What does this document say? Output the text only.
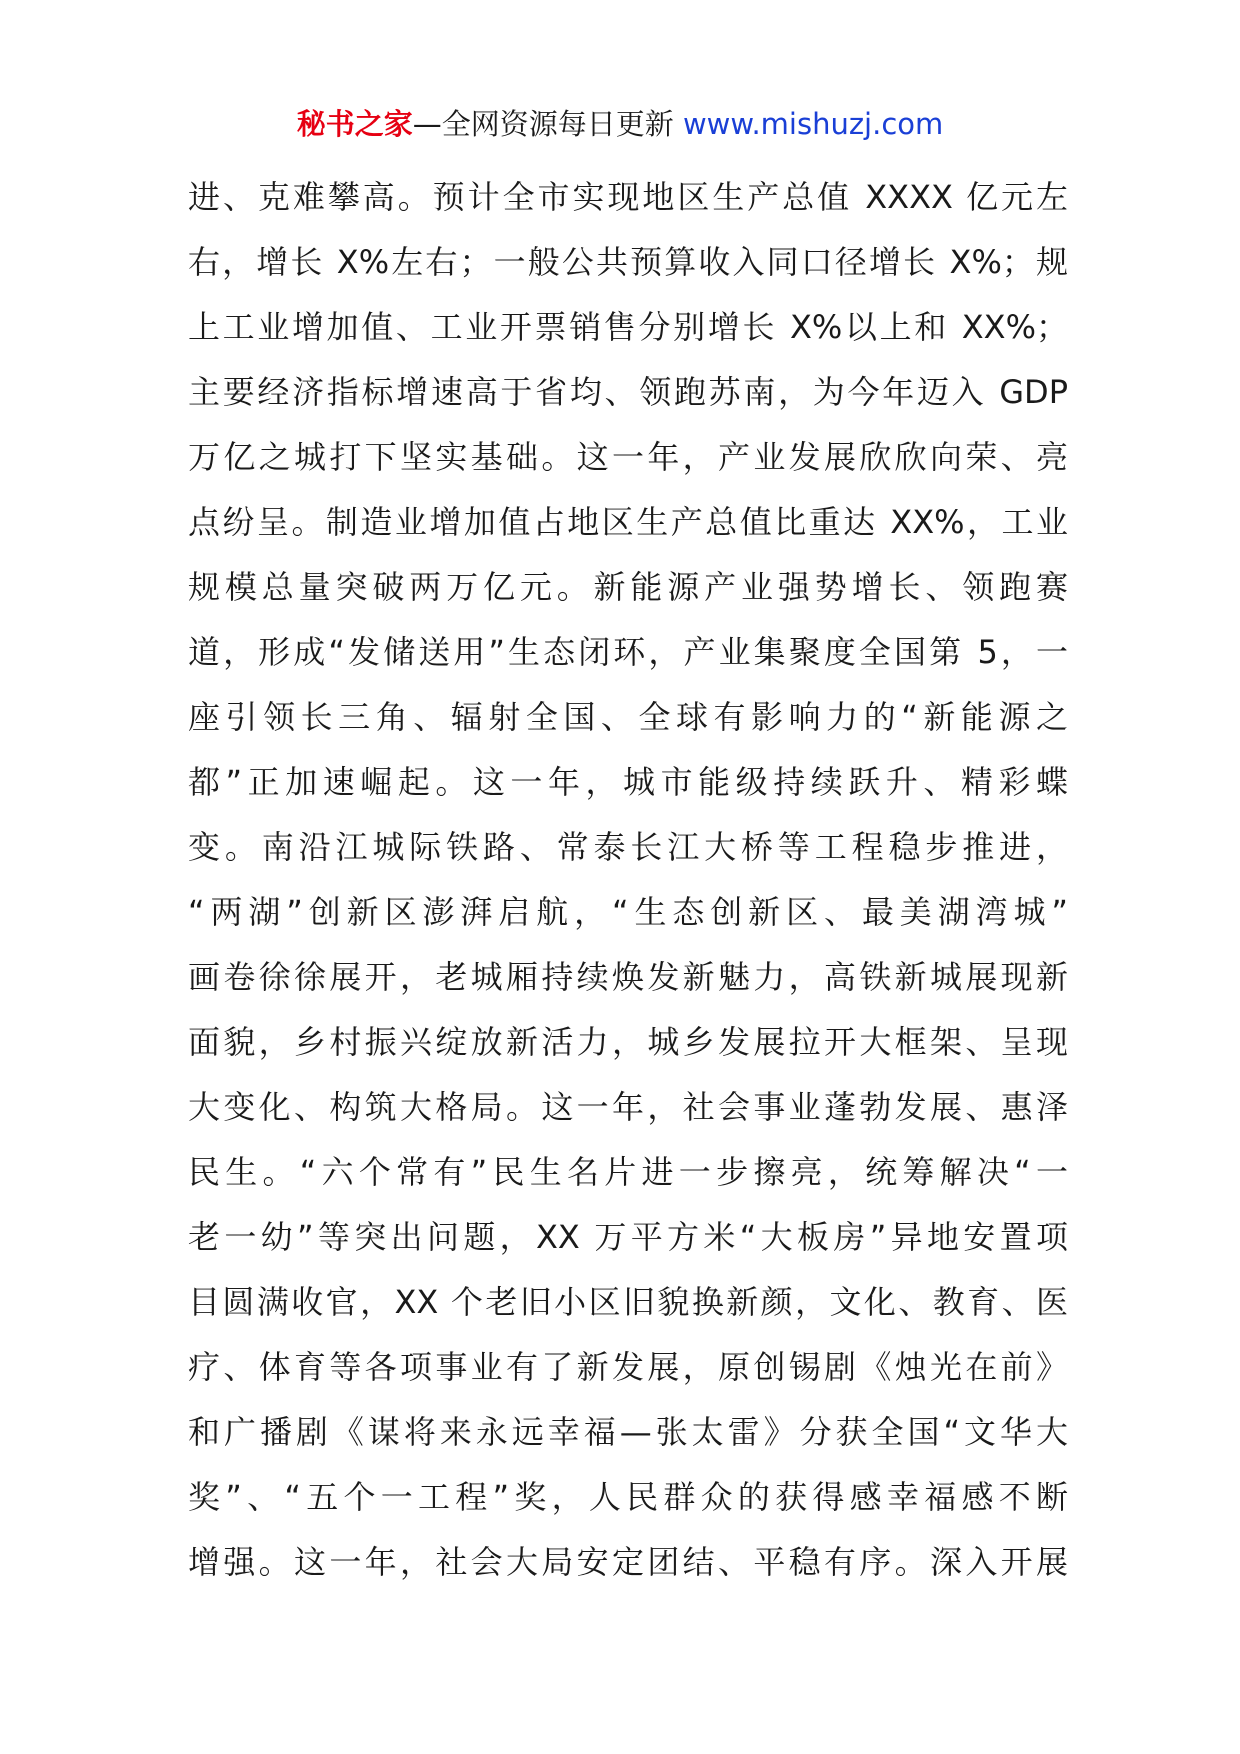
秘书之家—全网资源每日更新 www.mishuzj.com
进、克难攀高。预计全市实现地区生产总值 XXXX 亿元左
右，增长 X%左右；一般公共预算收入同口径增长 X%；规
上工业增加值、工业开票销售分别增长 X%以上和 XX%；
主要经济指标增速高于省均、领跑苏南，为今年迈入 GDP
万亿之城打下坚实基础。这一年，产业发展欣欣向荣、亮
点纷呈。制造业增加值占地区生产总值比重达 XX%，工业
规模总量突破两万亿元。新能源产业强势增长、领跑赛
道，形成“发储送用”生态闭环，产业集聚度全国第 5，一
座引领长三角、辐射全国、全球有影响力的“新能源之
都”正加速崛起。这一年，城市能级持续跃升、精彩蝶
变。南沿江城际铁路、常泰长江大桥等工程稳步推进，
“两湖”创新区澎湃启航，“生态创新区、最美湖湾城”
画卷徐徐展开，老城厢持续焕发新魅力，高铁新城展现新
面貌，乡村振兴绽放新活力，城乡发展拉开大框架、呈现
大变化、构筑大格局。这一年，社会事业蓬勃发展、惠泽
民生。“六个常有”民生名片进一步擦亮，统筹解决“一
老一幼”等突出问题，XX 万平方米“大板房”异地安置项
目圆满收官，XX 个老旧小区旧貌换新颜，文化、教育、医
疗、体育等各项事业有了新发展，原创锡剧《烛光在前》
和广播剧《谋将来永远幸福—张太雷》分获全国“文华大
奖”、“五个一工程”奖，人民群众的获得感幸福感不断
增强。这一年，社会大局安定团结、平稳有序。深入开展
